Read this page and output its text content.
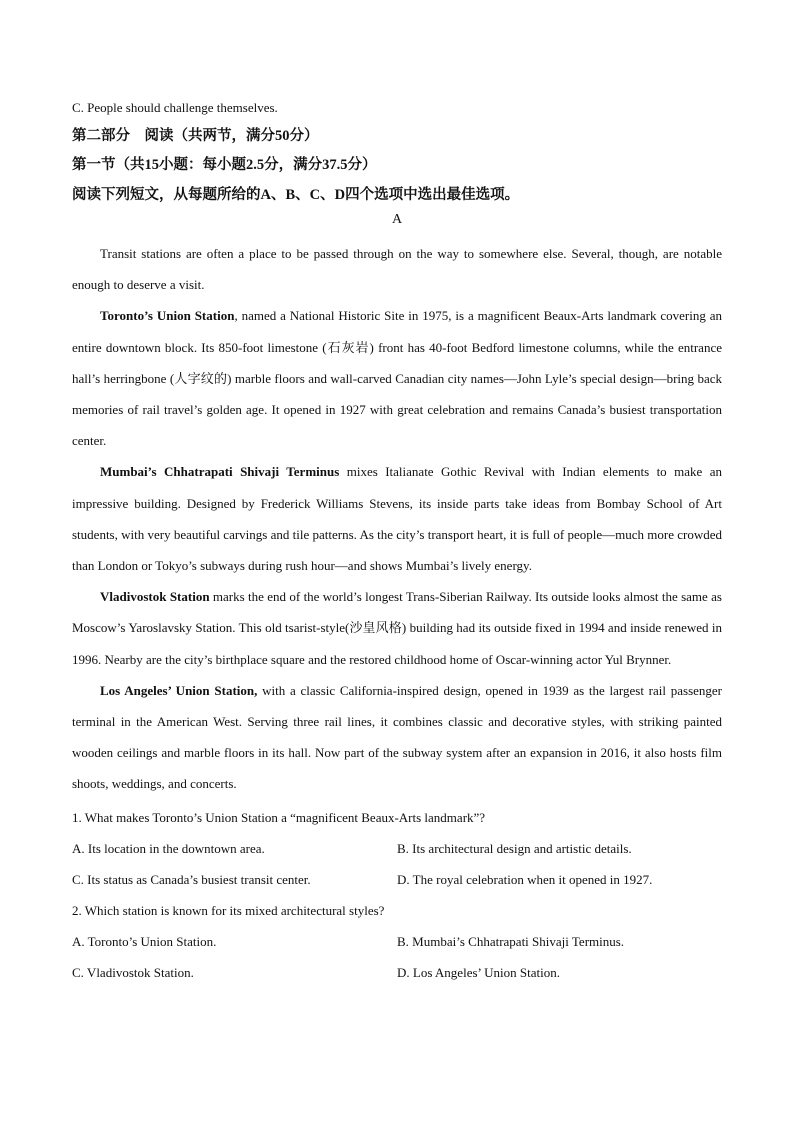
C. People should challenge themselves.
第二部分　阅读（共两节，满分50分）
第一节（共15小题：每小题2.5分，满分37.5分）
阅读下列短文，从每题所给的A、B、C、D四个选项中选出最佳选项。
A

Transit stations are often a place to be passed through on the way to somewhere else. Several, though, are notable enough to deserve a visit.

Toronto’s Union Station, named a National Historic Site in 1975, is a magnificent Beaux-Arts landmark covering an entire downtown block. Its 850-foot limestone (石灰岩) front has 40-foot Bedford limestone columns, while the entrance hall’s herringbone (人字纹的) marble floors and wall-carved Canadian city names—John Lyle’s special design—bring back memories of rail travel’s golden age. It opened in 1927 with great celebration and remains Canada’s busiest transportation center.

Mumbai’s Chhatrapati Shivaji Terminus mixes Italianate Gothic Revival with Indian elements to make an impressive building. Designed by Frederick Williams Stevens, its inside parts take ideas from Bombay School of Art students, with very beautiful carvings and tile patterns. As the city’s transport heart, it is full of people—much more crowded than London or Tokyo’s subways during rush hour—and shows Mumbai’s lively energy.

Vladivostok Station marks the end of the world’s longest Trans-Siberian Railway. Its outside looks almost the same as Moscow’s Yaroslavsky Station. This old tsarist-style(沙皇风格) building had its outside fixed in 1994 and inside renewed in 1996. Nearby are the city’s birthplace square and the restored childhood home of Oscar-winning actor Yul Brynner.

Los Angeles’ Union Station, with a classic California-inspired design, opened in 1939 as the largest rail passenger terminal in the American West. Serving three rail lines, it combines classic and decorative styles, with striking painted wooden ceilings and marble floors in its hall. Now part of the subway system after an expansion in 2016, it also hosts film shoots, weddings, and concerts.

1. What makes Toronto’s Union Station a “magnificent Beaux-Arts landmark”?
A. Its location in the downtown area.	B. Its architectural design and artistic details.
C. Its status as Canada’s busiest transit center.	D. The royal celebration when it opened in 1927.
2. Which station is known for its mixed architectural styles?
A. Toronto’s Union Station.	B. Mumbai’s Chhatrapati Shivaji Terminus.
C. Vladivostok Station.	D. Los Angeles’ Union Station.
